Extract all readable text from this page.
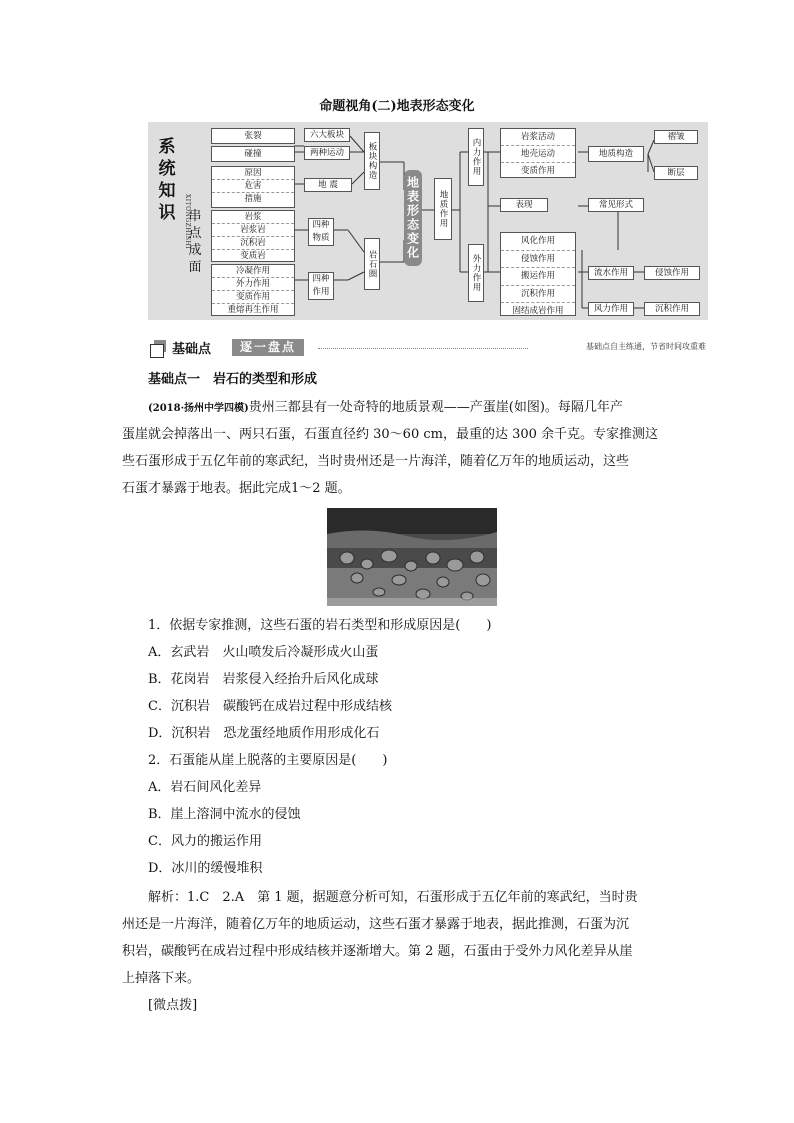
命题视角(二)地表形态变化
系统知识	XITONGZHISHI
串点成面
张裂
碰撞
原因
危害
措施
岩浆
岩浆岩
沉积岩
变质岩
冷凝作用
外力作用
变质作用
重熔再生作用
六大板块
两种运动
地 震
四种物质
四种作用
板块构造
岩石圈
地表形态变化	地质作用
内力作用
外力作用
岩浆活动
地壳运动
变质作用
表现	常见形式
风化作用
侵蚀作用
搬运作用
沉积作用
固结成岩作用
地质构造
褶皱
断层
流水作用
风力作用
侵蚀作用
沉积作用
基础点	逐一盘点	基础点自主练通，节省时间攻重难
基础点一　岩石的类型和形成
(2018·扬州中学四模)贵州三都县有一处奇特的地质景观——产蛋崖(如图)。每隔几年产
蛋崖就会掉落出一、两只石蛋，石蛋直径约 30～60 cm，最重的达 300 余千克。专家推测这
些石蛋形成于五亿年前的寒武纪，当时贵州还是一片海洋，随着亿万年的地质运动，这些
石蛋才暴露于地表。据此完成1～2 题。
1．依据专家推测，这些石蛋的岩石类型和形成原因是(　　)
A．玄武岩　火山喷发后冷凝形成火山蛋
B．花岗岩　岩浆侵入经抬升后风化成球
C．沉积岩　碳酸钙在成岩过程中形成结核
D．沉积岩　恐龙蛋经地质作用形成化石
2．石蛋能从崖上脱落的主要原因是(　　)
A．岩石间风化差异
B．崖上溶洞中流水的侵蚀
C．风力的搬运作用
D．冰川的缓慢堆积
解析：1.C　2.A　第 1 题，据题意分析可知，石蛋形成于五亿年前的寒武纪，当时贵
州还是一片海洋，随着亿万年的地质运动，这些石蛋才暴露于地表，据此推测，石蛋为沉
积岩，碳酸钙在成岩过程中形成结核并逐渐增大。第 2 题，石蛋由于受外力风化差异从崖
上掉落下来。
[微点拨]
